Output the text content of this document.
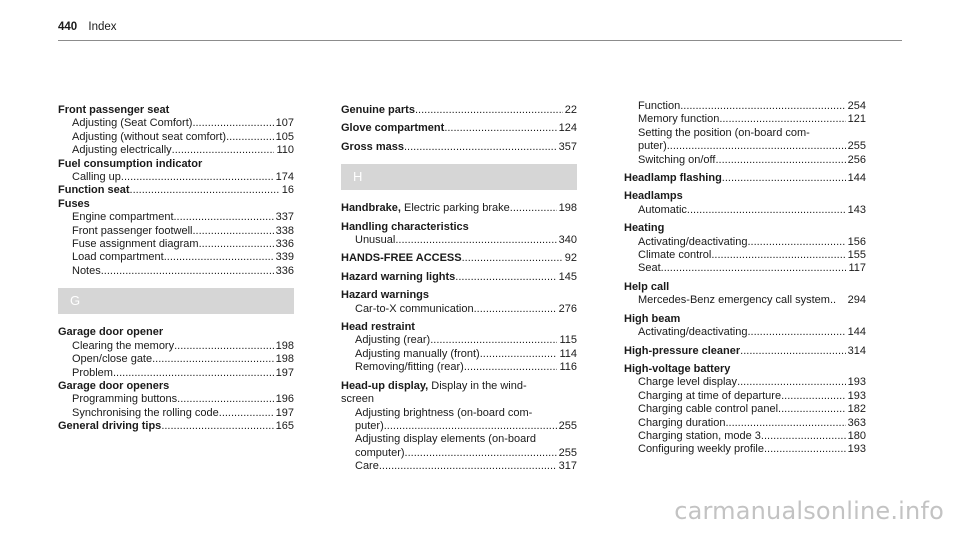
440 Index
Front passenger seat
Adjusting (Seat Comfort) .....	107
Adjusting (without seat comfort) .....	105
Adjusting electrically .....	110
Fuel consumption indicator
Calling up .....	174
Function seat .....	16
Fuses
Engine compartment .....	337
Front passenger footwell .....	338
Fuse assignment diagram .....	336
Load compartment .....	339
Notes .....	336
G
Garage door opener
Clearing the memory .....	198
Open/close gate .....	198
Problem .....	197
Garage door openers
Programming buttons .....	196
Synchronising the rolling code .....	197
General driving tips .....	165
Genuine parts .....	22
Glove compartment .....	124
Gross mass .....	357
H
Handbrake, Electric parking brake .....	198
Handling characteristics
Unusual .....	340
HANDS-FREE ACCESS .....	92
Hazard warning lights .....	145
Hazard warnings
Car-to-X communication .....	276
Head restraint
Adjusting (rear) .....	115
Adjusting manually (front) .....	114
Removing/fitting (rear) .....	116
Head-up display, Display in the wind-
screen
Adjusting brightness (on-board com-
puter) .....	255
Adjusting display elements (on-board
computer) .....	255
Care .....	317
Function .....	254
Memory function .....	121
Setting the position (on-board com-
puter) .....	255
Switching on/off .....	256
Headlamp flashing .....	144
Headlamps
Automatic .....	143
Heating
Activating/deactivating .....	156
Climate control .....	155
Seat .....	117
Help call
Mercedes-Benz emergency call system.. 294
High beam
Activating/deactivating .....	144
High-pressure cleaner .....	314
High-voltage battery
Charge level display .....	193
Charging at time of departure .....	193
Charging cable control panel .....	182
Charging duration .....	363
Charging station, mode 3 .....	180
Configuring weekly profile .....	193
carmanualsonline.info
